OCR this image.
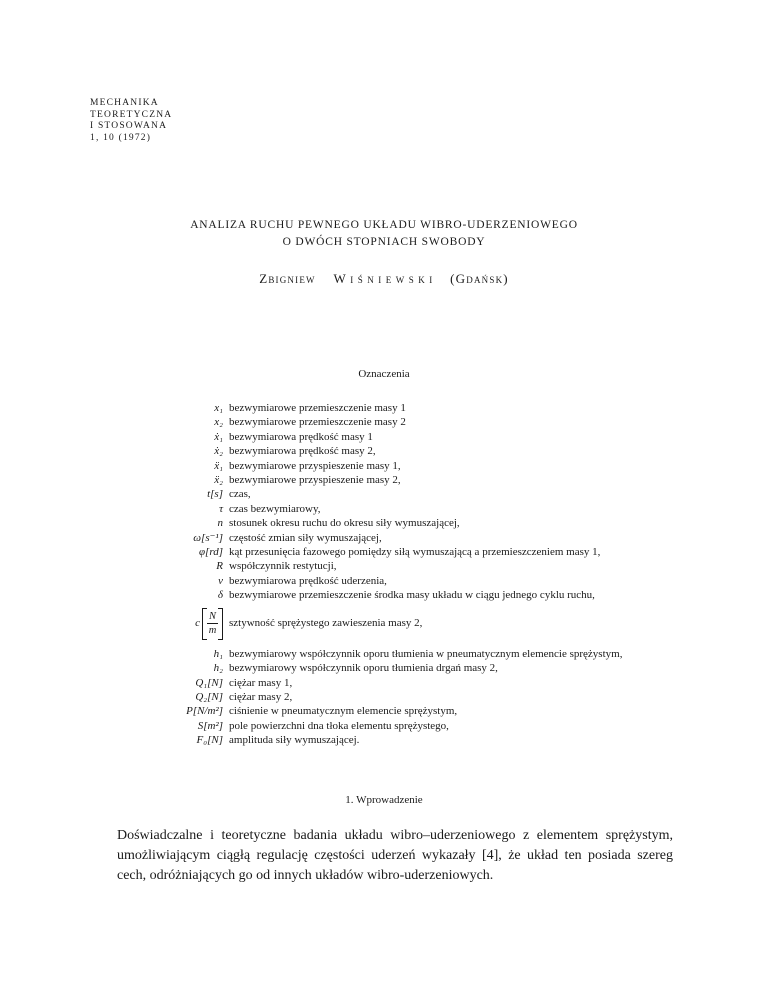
MECHANIKA
TEORETYCZNA
I STOSOWANA
1, 10 (1972)
ANALIZA RUCHU PEWNEGO UKŁADU WIBRO-UDERZENIOWEGO
O DWÓCH STOPNIACH SWOBODY
Zbigniew Wiśniewski (Gdańsk)
Oznaczenia
x₁ bezwymiarowe przemieszczenie masy 1
x₂ bezwymiarowe przemieszczenie masy 2
ẋ₁ bezwymiarowa prędkość masy 1
ẋ₂ bezwymiarowa prędkość masy 2,
ẍ₁ bezwymiarowe przyspieszenie masy 1,
ẍ₂ bezwymiarowe przyspieszenie masy 2,
t[s] czas,
τ czas bezwymiarowy,
n stosunek okresu ruchu do okresu siły wymuszającej,
ω[s⁻¹] częstość zmian siły wymuszającej,
φ[rd] kąt przesunięcia fazowego pomiędzy siłą wymuszającą a przemieszczeniem masy 1,
R współczynnik restytucji,
v bezwymiarowa prędkość uderzenia,
δ bezwymiarowe przemieszczenie środka masy układu w ciągu jednego cyklu ruchu,
c $\frac{N}{m}$ sztywność sprężystego zawieszenia masy 2,
h₁ bezwymiarowy współczynnik oporu tłumienia w pneumatycznym elemencie sprężystym,
h₂ bezwymiarowy współczynnik oporu tłumienia drgań masy 2,
Q₁[N] ciężar masy 1,
Q₂[N] ciężar masy 2,
P[N/m²] ciśnienie w pneumatycznym elemencie sprężystym,
S[m²] pole powierzchni dna tłoka elementu sprężystego,
F₀[N] amplituda siły wymuszającej.
1. Wprowadzenie
Doświadczalne i teoretyczne badania układu wibro–uderzeniowego z elementem sprężystym, umożliwiającym ciągłą regulację częstości uderzeń wykazały [4], że układ ten posiada szereg cech, odróżniających go od innych układów wibro-uderzeniowych.
